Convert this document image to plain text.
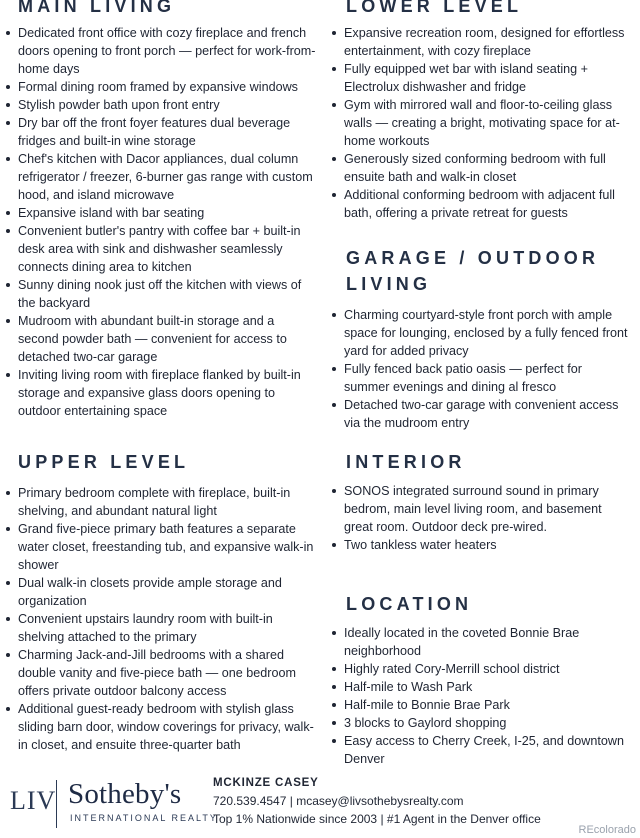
MAIN LIVING
Dedicated front office with cozy fireplace and french doors opening to front porch — perfect for work-from-home days
Formal dining room framed by expansive windows
Stylish powder bath upon front entry
Dry bar off the front foyer features dual beverage fridges and built-in wine storage
Chef's kitchen with Dacor appliances, dual column refrigerator / freezer, 6-burner gas range with custom hood, and island microwave
Expansive island with bar seating
Convenient butler's pantry with coffee bar + built-in desk area with sink and dishwasher seamlessly connects dining area to kitchen
Sunny dining nook just off the kitchen with views of the backyard
Mudroom with abundant built-in storage and a second powder bath — convenient for access to detached two-car garage
Inviting living room with fireplace flanked by built-in storage and expansive glass doors opening to outdoor entertaining space
UPPER LEVEL
Primary bedroom complete with fireplace, built-in shelving, and abundant natural light
Grand five-piece primary bath features a separate water closet, freestanding tub, and expansive walk-in shower
Dual walk-in closets provide ample storage and organization
Convenient upstairs laundry room with built-in shelving attached to the primary
Charming Jack-and-Jill bedrooms with a shared double vanity and five-piece bath — one bedroom offers private outdoor balcony access
Additional guest-ready bedroom with stylish glass sliding barn door, window coverings for privacy, walk-in closet, and ensuite three-quarter bath
LOWER LEVEL
Expansive recreation room, designed for effortless entertainment, with cozy fireplace
Fully equipped wet bar with island seating + Electrolux dishwasher and fridge
Gym with mirrored wall and floor-to-ceiling glass walls — creating a bright, motivating space for at-home workouts
Generously sized conforming bedroom with full ensuite bath and walk-in closet
Additional conforming bedroom with adjacent full bath, offering a private retreat for guests
GARAGE / OUTDOOR
LIVING
Charming courtyard-style front porch with ample space for lounging, enclosed by a fully fenced front yard for added privacy
Fully fenced back patio oasis — perfect for summer evenings and dining al fresco
Detached two-car garage with convenient access via the mudroom entry
INTERIOR
SONOS integrated surround sound in primary bedrom, main level living room, and basement great room. Outdoor deck pre-wired.
Two tankless water heaters
LOCATION
Ideally located in the coveted Bonnie Brae neighborhood
Highly rated Cory-Merrill school district
Half-mile to Wash Park
Half-mile to Bonnie Brae Park
3 blocks to Gaylord shopping
Easy access to Cherry Creek, I-25, and downtown Denver
LIV Sotheby's
INTERNATIONAL REALTY
MCKINZE CASEY
720.539.4547 | mcasey@livsothebysrealty.com
Top 1% Nationwide since 2003 | #1 Agent in the Denver office
REcolorado
